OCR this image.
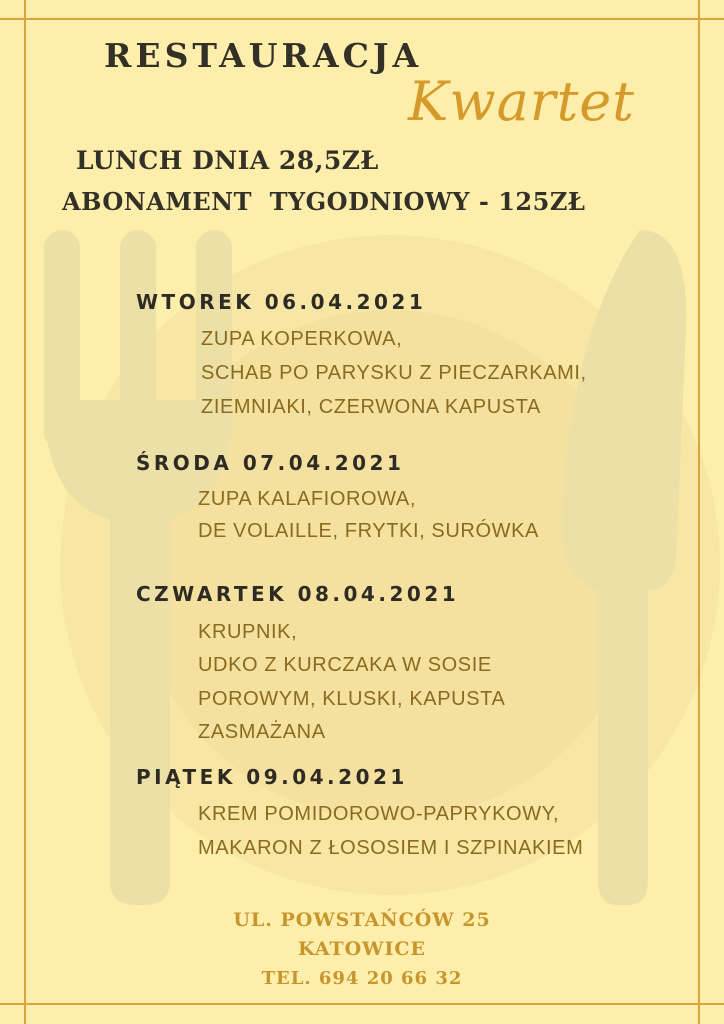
RESTAURACJA
Kwartet
LUNCH DNIA 28,5ZŁ
ABONAMENT  TYGODNIOWY - 125ZŁ
WTOREK 06.04.2021
ZUPA KOPERKOWA,
SCHAB PO PARYSKU Z PIECZARKAMI,
ZIEMNIAKI, CZERWONA KAPUSTA
ŚRODA 07.04.2021
ZUPA KALAFIOROWA,
DE VOLAILLE, FRYTKI, SURÓWKA
CZWARTEK 08.04.2021
KRUPNIK,
UDKO Z KURCZAKA W SOSIE
POROWYM, KLUSKI, KAPUSTA
ZASMAŻANA
PIĄTEK 09.04.2021
KREM POMIDOROWO-PAPRYKOWY,
MAKARON Z ŁOSOSIEM I SZPINAKIEM
UL. POWSTAŃCÓW 25
KATOWICE
TEL. 694 20 66 32
